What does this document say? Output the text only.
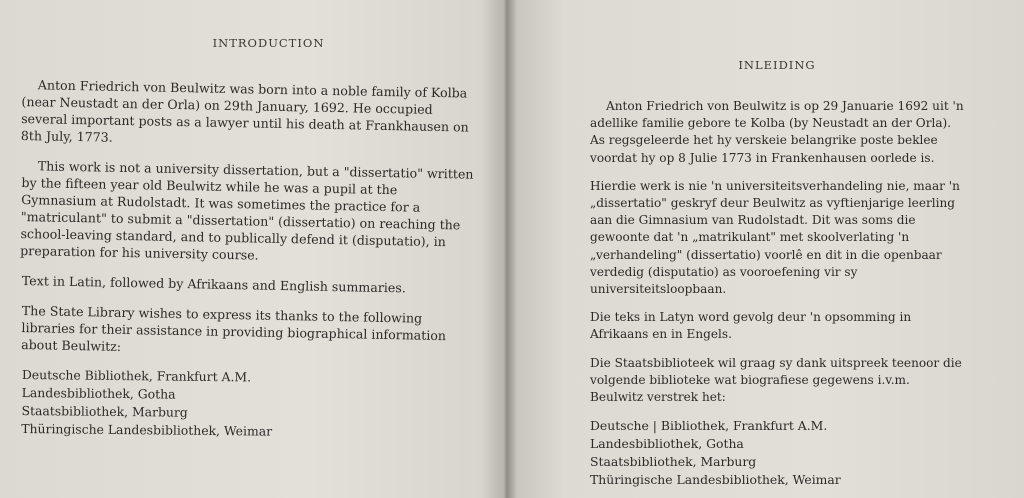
INTRODUCTION

Anton Friedrich von Beulwitz was born into a noble family of Kolba (near Neustadt an der Orla) on 29th January, 1692. He occupied several important posts as a lawyer until his death at Frankhausen on 8th July, 1773.

This work is not a university dissertation, but a "dissertatio" written by the fifteen year old Beulwitz while he was a pupil at the Gymnasium at Rudolstadt. It was sometimes the practice for a "matriculant" to submit a "dissertation" (dissertatio) on reaching the school-leaving standard, and to publically defend it (disputatio), in preparation for his university course.

Text in Latin, followed by Afrikaans and English summaries.

The State Library wishes to express its thanks to the following libraries for their assistance in providing biographical information about Beulwitz:

Deutsche Bibliothek, Frankfurt A.M.
Landesbibliothek, Gotha
Staatsbibliothek, Marburg
Thüringische Landesbibliothek, Weimar
INLEIDING

Anton Friedrich von Beulwitz is op 29 Januarie 1692 uit 'n adellike familie gebore te Kolba (by Neustadt an der Orla). As regsgeleerde het hy verskeie belangrike poste beklee voordat hy op 8 Julie 1773 in Frankenhausen oorlede is.

Hierdie werk is nie 'n universiteitsverhandeling nie, maar 'n „dissertatio" geskryf deur Beulwitz as vyftienjarige leerling aan die Gimnasium van Rudolstadt. Dit was soms die gewoonte dat 'n „matrikulant" met skoolverlating 'n „verhandeling" (dissertatio) voorlê en dit in die openbaar verdedig (disputatio) as vooroefening vir sy universiteitsloopbaan.

Die teks in Latyn word gevolg deur 'n opsomming in Afrikaans en in Engels.

Die Staatsbiblioteek wil graag sy dank uitspreek teenoor die volgende biblioteke wat biografiese gegewens i.v.m. Beulwitz verstrek het:

Deutsche | Bibliothek, Frankfurt A.M.
Landesbibliothek, Gotha
Staatsbibliothek, Marburg
Thüringische Landesbibliothek, Weimar
